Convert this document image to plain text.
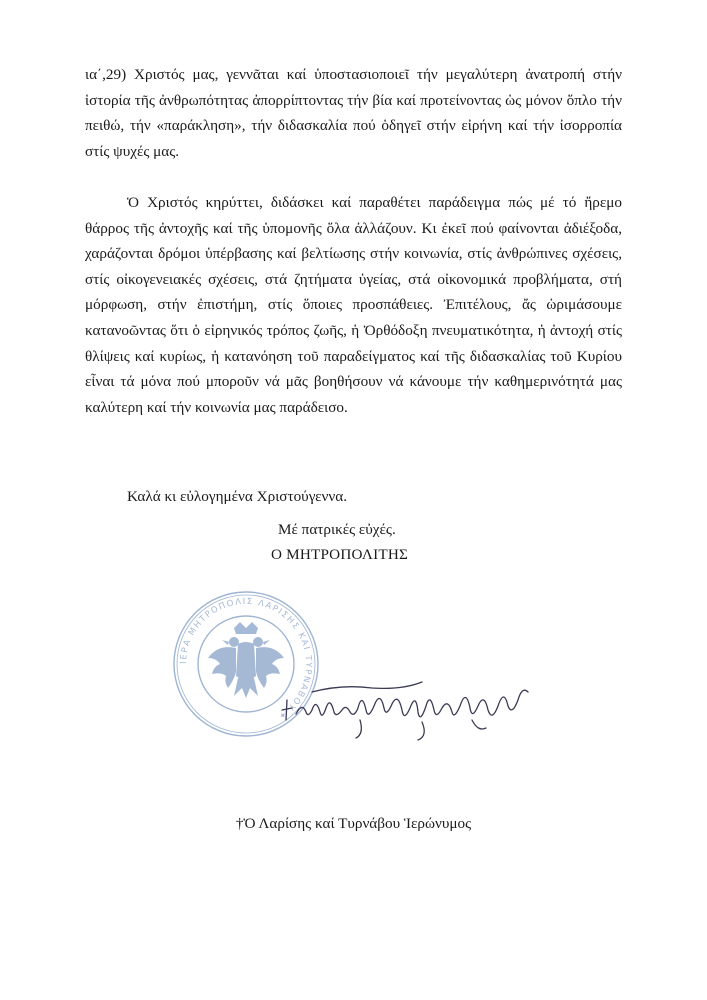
ια΄,29) Χριστός μας, γεννᾶται καί ὑποστασιοποιεῖ τήν μεγαλύτερη ἀνατροπή στήν ἱστορία τῆς ἀνθρωπότητας ἀπορρίπτοντας τήν βία καί προτείνοντας ὡς μόνον ὅπλο τήν πειθώ, τήν «παράκληση», τήν διδασκαλία πού ὁδηγεῖ στήν εἰρήνη καί τήν ἰσορροπία στίς ψυχές μας.

Ὁ Χριστός κηρύττει, διδάσκει καί παραθέτει παράδειγμα πώς μέ τό ἤρεμο θάρρος τῆς ἀντοχῆς καί τῆς ὑπομονῆς ὅλα ἀλλάζουν. Κι ἐκεῖ πού φαίνονται ἀδιέξοδα, χαράζονται δρόμοι ὑπέρβασης καί βελτίωσης στήν κοινωνία, στίς ἀνθρώπινες σχέσεις, στίς οἰκογενειακές σχέσεις, στά ζητήματα ὑγείας, στά οἰκονομικά προβλήματα, στή μόρφωση, στήν ἐπιστήμη, στίς ὅποιες προσπάθειες. Ἐπιτέλους, ἄς ὡριμάσουμε κατανοῶντας ὅτι ὁ εἰρηνικός τρόπος ζωῆς, ἡ Ὀρθόδοξη πνευματικότητα, ἡ ἀντοχή στίς θλίψεις καί κυρίως, ἡ κατανόηση τοῦ παραδείγματος καί τῆς διδασκαλίας τοῦ Κυρίου εἶναι τά μόνα πού μποροῦν νά μᾶς βοηθήσουν νά κάνουμε τήν καθημερινότητά μας καλύτερη καί τήν κοινωνία μας παράδεισο.

Καλά κι εὐλογημένα Χριστούγεννα.

Μέ πατρικές εὐχές.

Ο ΜΗΤΡΟΠΟΛΙΤΗΣ

ΙΕΡΑ ΜΗΤΡΟΠΟΛΙΣ ΛΑΡΙΣΗΣ ΚΑΙ ΤΥΡΝΑΒΟΥ ✦

†Ὁ Λαρίσης καί Τυρνάβου Ἱερώνυμος
